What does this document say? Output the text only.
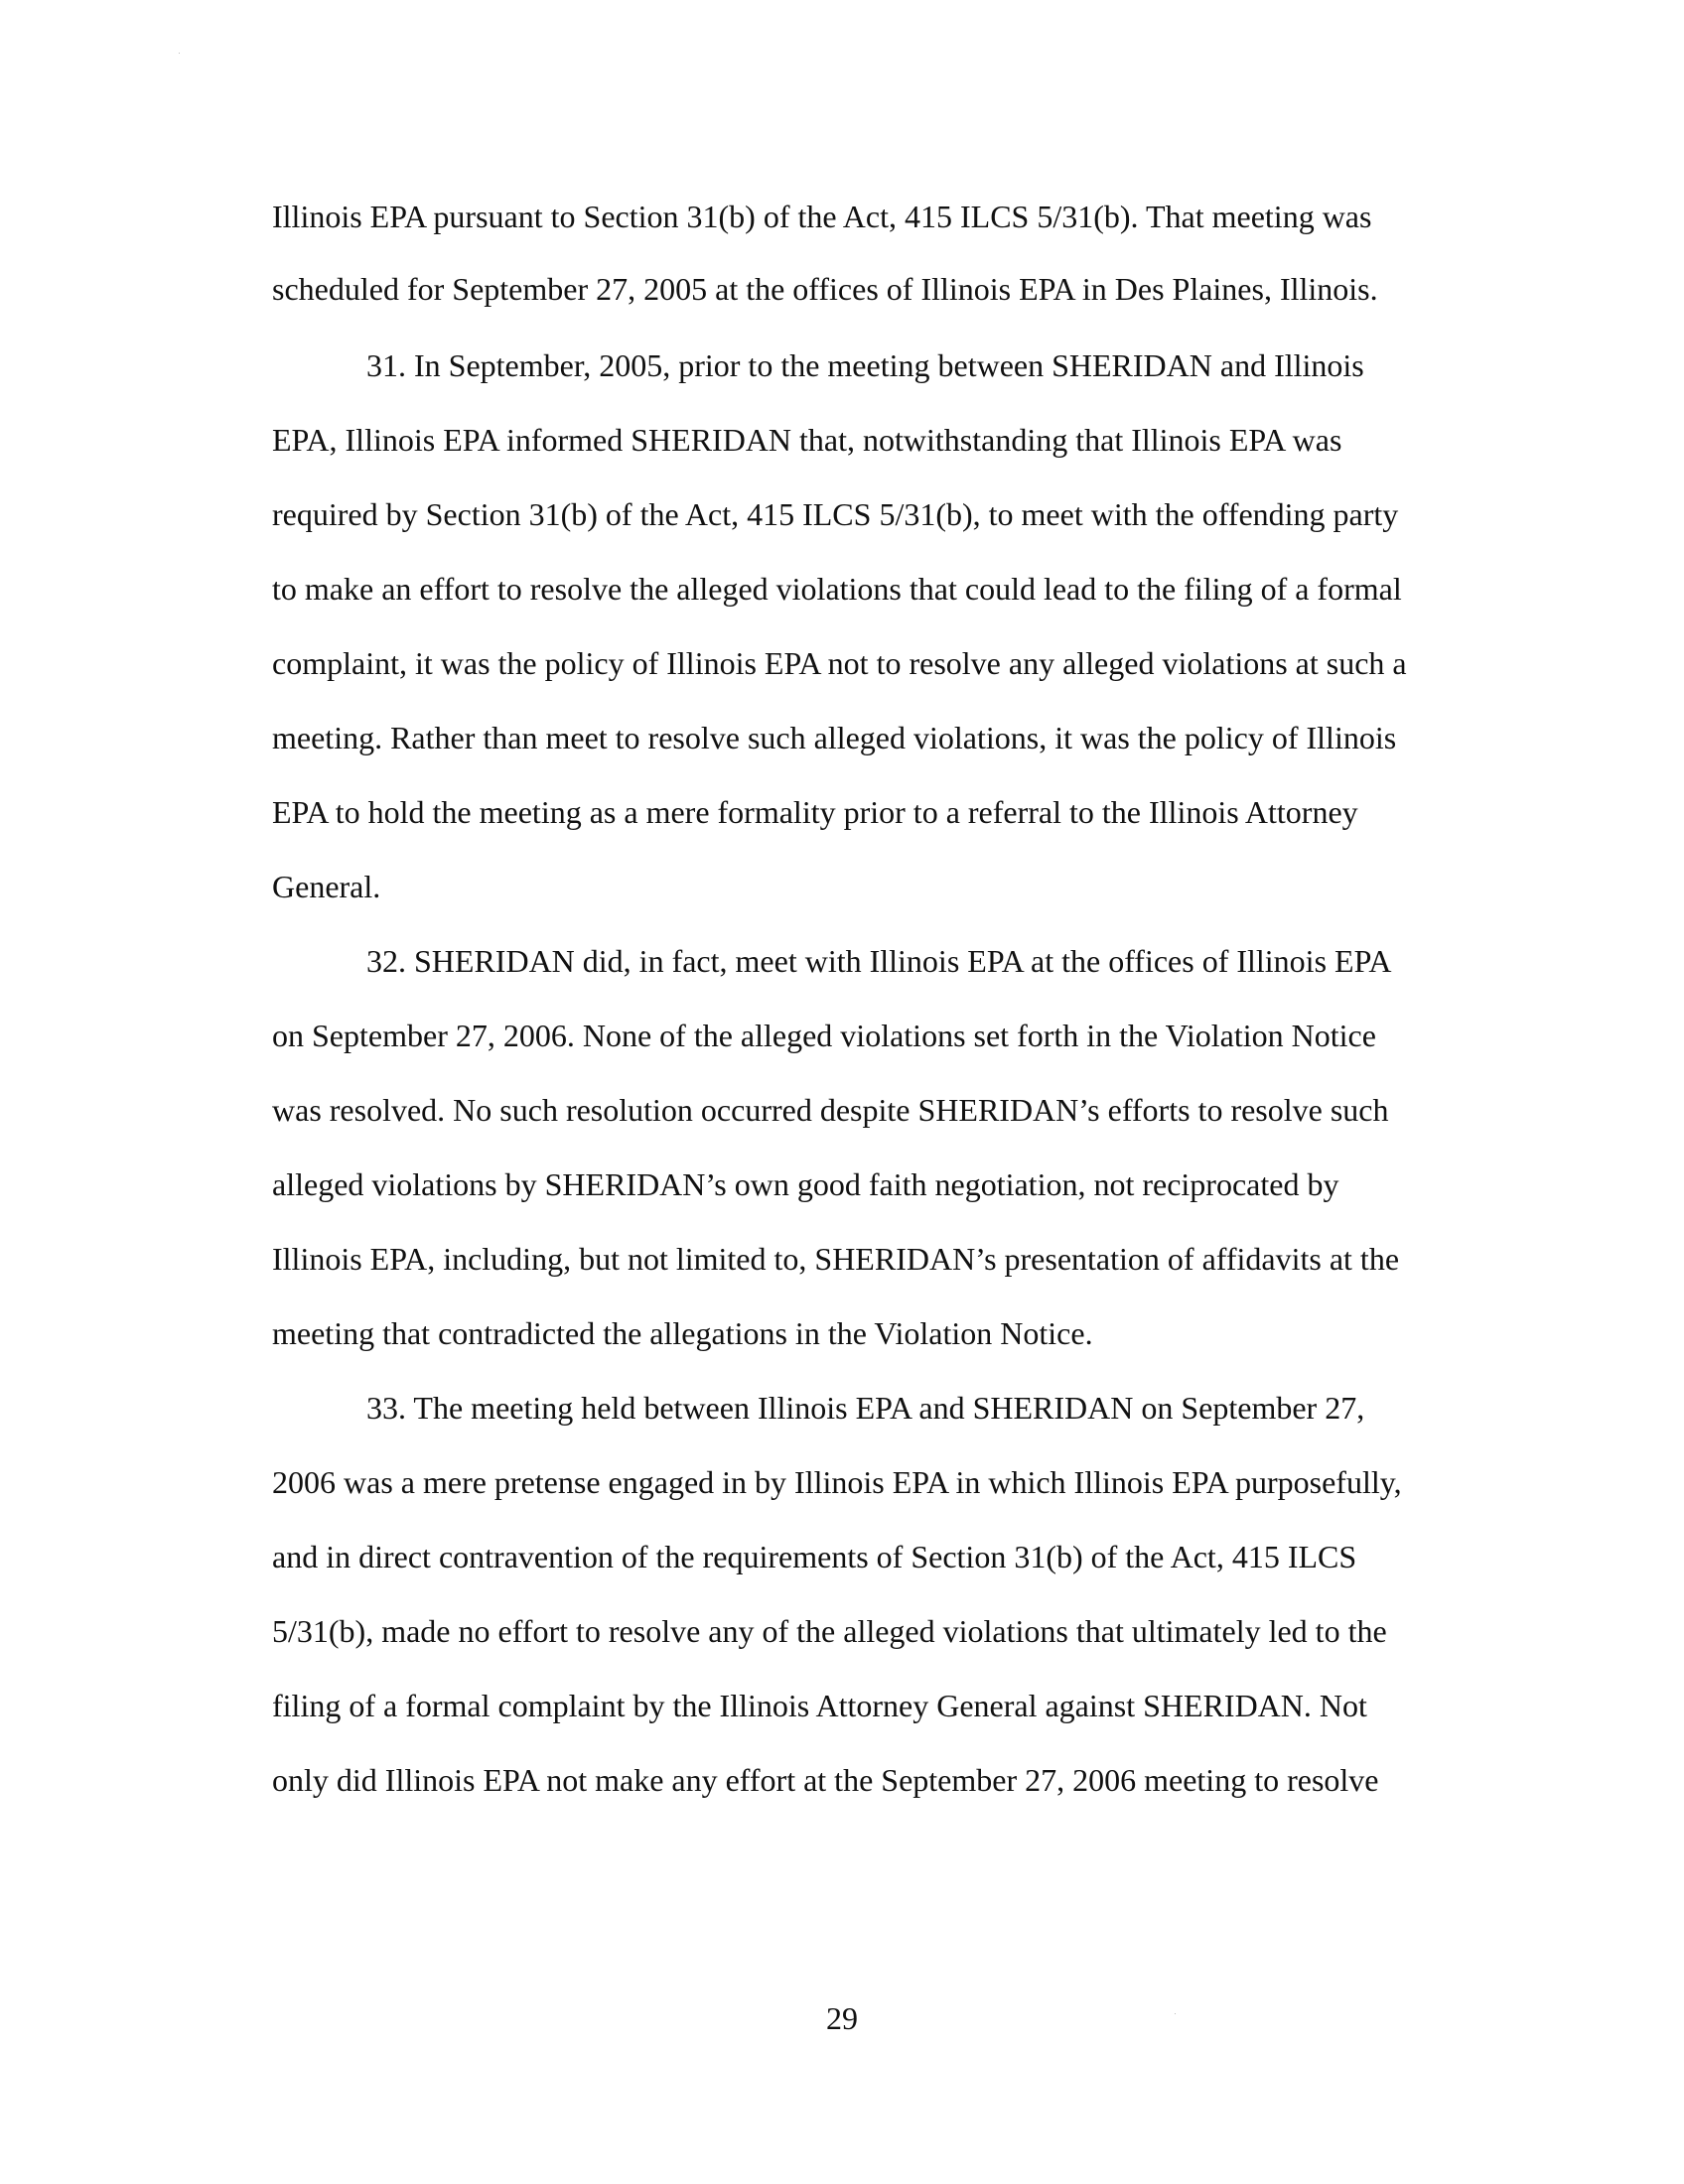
Illinois EPA pursuant to Section 31(b) of the Act, 415 ILCS 5/31(b). That meeting was
scheduled for September 27, 2005 at the offices of Illinois EPA in Des Plaines, Illinois.
31. In September, 2005, prior to the meeting between SHERIDAN and Illinois
EPA, Illinois EPA informed SHERIDAN that, notwithstanding that Illinois EPA was
required by Section 31(b) of the Act, 415 ILCS 5/31(b), to meet with the offending party
to make an effort to resolve the alleged violations that could lead to the filing of a formal
complaint, it was the policy of Illinois EPA not to resolve any alleged violations at such a
meeting. Rather than meet to resolve such alleged violations, it was the policy of Illinois
EPA to hold the meeting as a mere formality prior to a referral to the Illinois Attorney
General.
32. SHERIDAN did, in fact, meet with Illinois EPA at the offices of Illinois EPA
on September 27, 2006. None of the alleged violations set forth in the Violation Notice
was resolved. No such resolution occurred despite SHERIDAN’s efforts to resolve such
alleged violations by SHERIDAN’s own good faith negotiation, not reciprocated by
Illinois EPA, including, but not limited to, SHERIDAN’s presentation of affidavits at the
meeting that contradicted the allegations in the Violation Notice.
33. The meeting held between Illinois EPA and SHERIDAN on September 27,
2006 was a mere pretense engaged in by Illinois EPA in which Illinois EPA purposefully,
and in direct contravention of the requirements of Section 31(b) of the Act, 415 ILCS
5/31(b), made no effort to resolve any of the alleged violations that ultimately led to the
filing of a formal complaint by the Illinois Attorney General against SHERIDAN. Not
only did Illinois EPA not make any effort at the September 27, 2006 meeting to resolve
29
